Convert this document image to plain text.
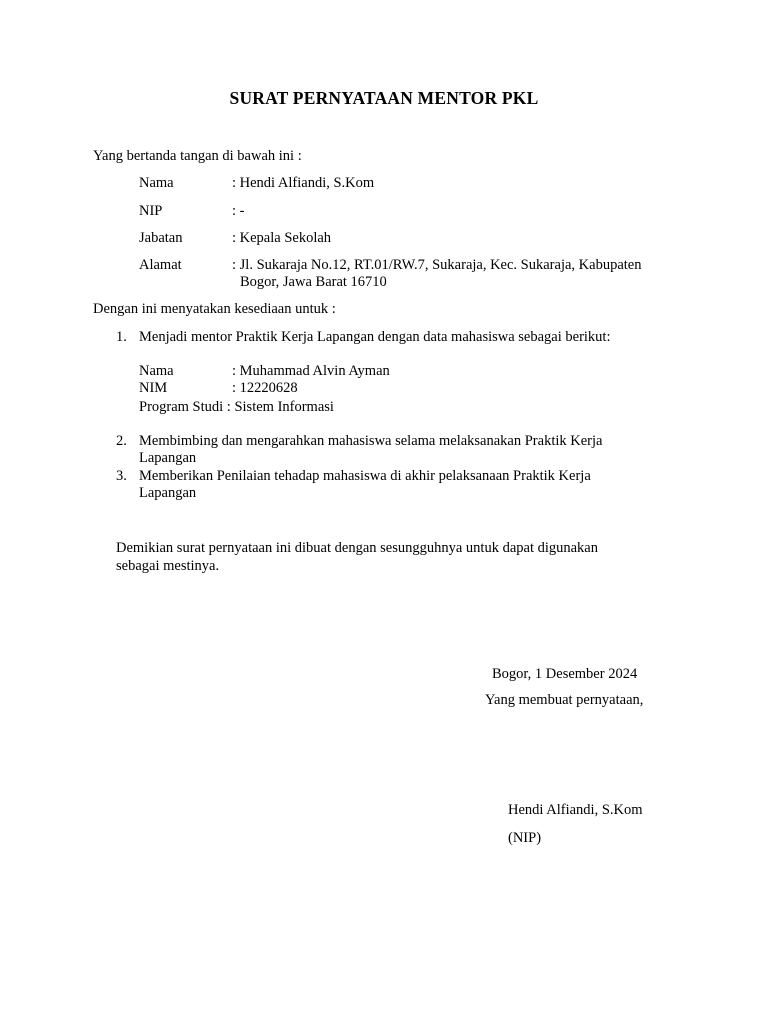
SURAT PERNYATAAN MENTOR PKL
Yang bertanda tangan di bawah ini :
Nama	: Hendi Alfiandi, S.Kom
NIP	: -
Jabatan	: Kepala Sekolah
Alamat	: Jl. Sukaraja No.12, RT.01/RW.7, Sukaraja, Kec. Sukaraja, Kabupaten
Bogor, Jawa Barat 16710
Dengan ini menyatakan kesediaan untuk :
1. Menjadi mentor Praktik Kerja Lapangan dengan data mahasiswa sebagai berikut:
Nama	: Muhammad Alvin Ayman
NIM	: 12220628
Program Studi : Sistem Informasi
2. Membimbing dan mengarahkan mahasiswa selama melaksanakan Praktik Kerja
Lapangan
3. Memberikan Penilaian tehadap mahasiswa di akhir pelaksanaan Praktik Kerja
Lapangan
Demikian surat pernyataan ini dibuat dengan sesungguhnya untuk dapat digunakan
sebagai mestinya.
Bogor, 1 Desember 2024
Yang membuat pernyataan,
Hendi Alfiandi, S.Kom
(NIP)
